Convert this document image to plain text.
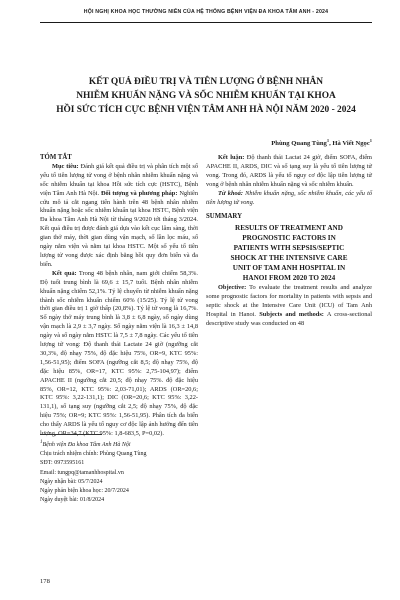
HỘI NGHỊ KHOA HỌC THƯỜNG NIÊN CỦA HỆ THỐNG BỆNH VIỆN ĐA KHOA TÂM ANH - 2024
KẾT QUẢ ĐIỀU TRỊ VÀ TIÊN LƯỢNG Ở BỆNH NHÂN
NHIỄM KHUẨN NẶNG VÀ SỐC NHIỄM KHUẨN TẠI KHOA
HỒI SỨC TÍCH CỰC BỆNH VIỆN TÂM ANH HÀ NỘI NĂM 2020 - 2024
Phùng Quang Tùng$^1$, Hà Viết Ngọc$^1$
TÓM TẮT

Mục tiêu: Đánh giá kết quả điều trị và phân tích một số yếu tố tiên lượng tử vong ở bệnh nhân nhiễm khuẩn nặng và sốc nhiễm khuẩn tại khoa Hồi sức tích cực (HSTC), Bệnh viện Tâm Anh Hà Nội. Đối tượng và phương pháp: Nghiên cứu mô tả cắt ngang tiến hành trên 48 bệnh nhân nhiễm khuẩn nặng hoặc sốc nhiễm khuẩn tại khoa HSTC, Bệnh viện Đa khoa Tâm Anh Hà Nội từ tháng 9/2020 tới tháng 3/2024. Kết quả điều trị được đánh giá dựa vào kết cục lâm sàng, thời gian thở máy, thời gian dùng vận mạch, số lần lọc máu, số ngày nằm viện và nằm tại khoa HSTC. Một số yếu tố tiên lượng tử vong được xác định bằng hồi quy đơn biến và đa biến.

Kết quả: Trong 48 bệnh nhân, nam giới chiếm 58,3%. Độ tuổi trung bình là 69,6 ± 15,7 tuổi. Bệnh nhân nhiễm khuẩn nặng chiếm 52,1%. Tỷ lệ chuyển từ nhiễm khuẩn nặng thành sốc nhiễm khuẩn chiếm 60% (15/25). Tỷ lệ tử vong thời gian điều trị 1 giờ thấp (20,8%). Tỷ lệ tử vong là 16,7%. Số ngày thở máy trung bình là 3,8 ± 6,8 ngày, số ngày dùng vận mạch là 2,9 ± 3,7 ngày. Số ngày nằm viện là 16,3 ± 14,8 ngày và số ngày nằm HSTC là 7,5 ± 7,8 ngày. Các yếu tố tiên lượng tử vong: Độ thanh thải Lactate 24 giờ (ngưỡng cắt 30,3%, độ nhạy 75%, độ đặc hiệu 75%, OR=9, KTC 95%: 1,56-51,95); điểm SOFA (ngưỡng cắt 8,5; độ nhạy 75%, độ đặc hiệu 85%, OR=17, KTC 95%: 2,75-104,97); điểm APACHE II (ngưỡng cắt 20,5; độ nhạy 75%. độ đặc hiệu 85%, OR=12, KTC 95%: 2,03-71,01); ARDS (OR=20,6; KTC 95%: 3,22-131,1); DIC (OR=20,6; KTC 95%: 3,22-131,1), số tạng suy (ngưỡng cắt 2,5; độ nhạy 75%, độ đặc hiệu 75%; OR=9; KTC 95%: 1,56-51,95). Phân tích đa biến cho thấy ARDS là yếu tố nguy cơ độc lập ảnh hưởng đến tiên lượng, OR=34,7 (KTC 95%: 1,8-683,5, P=0,02).

Kết luận: Độ thanh thải Lactat 24 giờ, điểm SOFA, điểm APACHE II, ARDS, DIC và số tạng suy là yếu tố tiên lượng tử vong. Trong đó, ARDS là yếu tố nguy cơ độc lập tiên lượng tử vong ở bệnh nhân nhiễm khuẩn nặng và sốc nhiễm khuẩn.

Từ khoá: Nhiễm khuẩn nặng, sốc nhiễm khuẩn, các yếu tố tiên lượng tử vong.

SUMMARY
RESULTS OF TREATMENT AND
PROGNOSTIC FACTORS IN
PATIENTS WITH SEPSIS/SEPTIC
SHOCK AT THE INTENSIVE CARE
UNIT OF TAM ANH HOSPITAL IN
HANOI FROM 2020 TO 2024

Objective: To evaluate the treatment results and analyze some prognostic factors for mortality in patients with sepsis and septic shock at the Intensive Care Unit (ICU) of Tam Anh Hospital in Hanoi. Subjects and methods: A cross-sectional descriptive study was conducted on 48

$^1$Bệnh viện Đa khoa Tâm Anh Hà Nội
Chịu trách nhiệm chính: Phùng Quang Tùng
SĐT: 0973595161
Email: tungpq@tamanhhospital.vn
Ngày nhận bài: 05/7/2024
Ngày phản biện khoa học: 20/7/2024
Ngày duyệt bài: 01/8/2024
178
